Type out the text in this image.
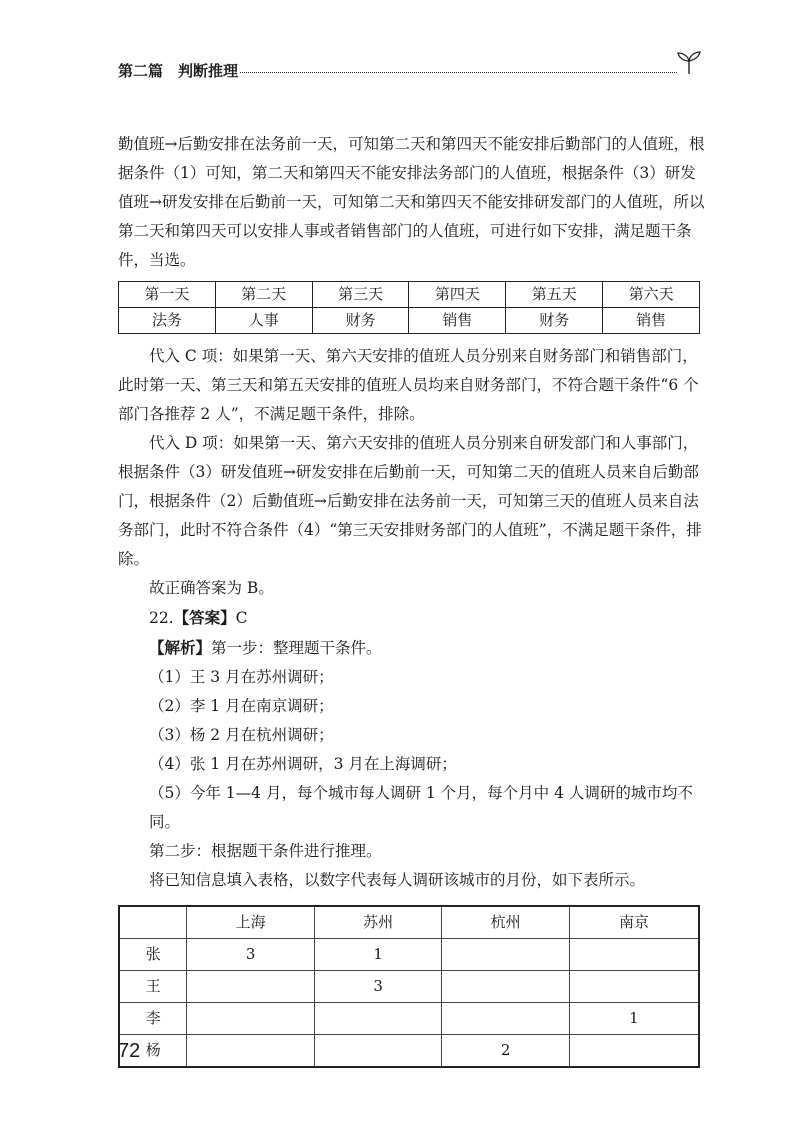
第二篇　判断推理

勤值班→后勤安排在法务前一天，可知第二天和第四天不能安排后勤部门的人值班，根据条件（1）可知，第二天和第四天不能安排法务部门的人值班，根据条件（3）研发值班→研发安排在后勤前一天，可知第二天和第四天不能安排研发部门的人值班，所以第二天和第四天可以安排人事或者销售部门的人值班，可进行如下安排，满足题干条件，当选。

第一天	第二天	第三天	第四天	第五天	第六天
法务	人事	财务	销售	财务	销售

代入 C 项：如果第一天、第六天安排的值班人员分别来自财务部门和销售部门，此时第一天、第三天和第五天安排的值班人员均来自财务部门，不符合题干条件“6 个部门各推荐 2 人”，不满足题干条件，排除。

代入 D 项：如果第一天、第六天安排的值班人员分别来自研发部门和人事部门，根据条件（3）研发值班→研发安排在后勤前一天，可知第二天的值班人员来自后勤部门，根据条件（2）后勤值班→后勤安排在法务前一天，可知第三天的值班人员来自法务部门，此时不符合条件（4）“第三天安排财务部门的人值班”，不满足题干条件，排除。

故正确答案为 B。

22.【答案】C

【解析】第一步：整理题干条件。

（1）王 3 月在苏州调研；

（2）李 1 月在南京调研；

（3）杨 2 月在杭州调研；

（4）张 1 月在苏州调研，3 月在上海调研；

（5）今年 1—4 月，每个城市每人调研 1 个月，每个月中 4 人调研的城市均不同。

第二步：根据题干条件进行推理。

将已知信息填入表格，以数字代表每人调研该城市的月份，如下表所示。

	上海	苏州	杭州	南京
张	3	1		
王		3		
李				1
杨			2	
72
